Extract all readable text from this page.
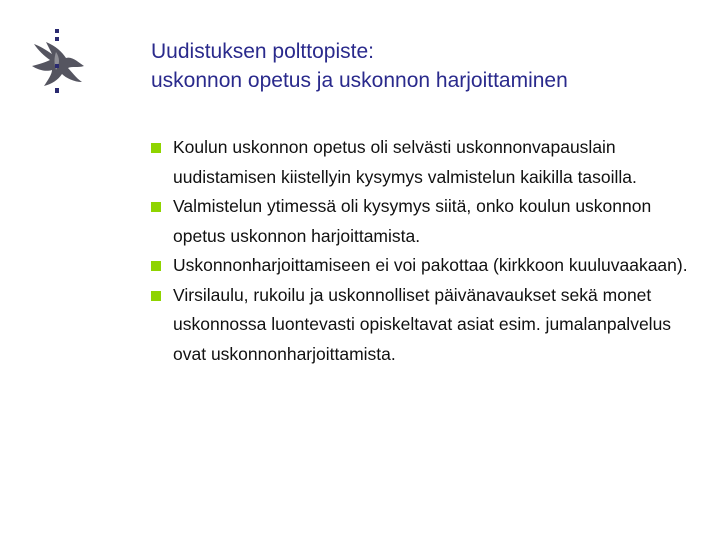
Uudistuksen polttopiste:
uskonnon opetus ja uskonnon harjoittaminen
Koulun uskonnon opetus oli selvästi uskonnonvapauslain uudistamisen kiistellyin kysymys valmistelun kaikilla tasoilla.
Valmistelun ytimessä oli kysymys siitä, onko koulun uskonnon opetus uskonnon harjoittamista.
Uskonnonharjoittamiseen ei voi pakottaa (kirkkoon kuuluvaakaan).
Virsilaulu, rukoilu ja uskonnolliset päivänavaukset sekä monet uskonnossa luontevasti opiskeltavat asiat esim. jumalanpalvelus ovat uskonnonharjoittamista.
